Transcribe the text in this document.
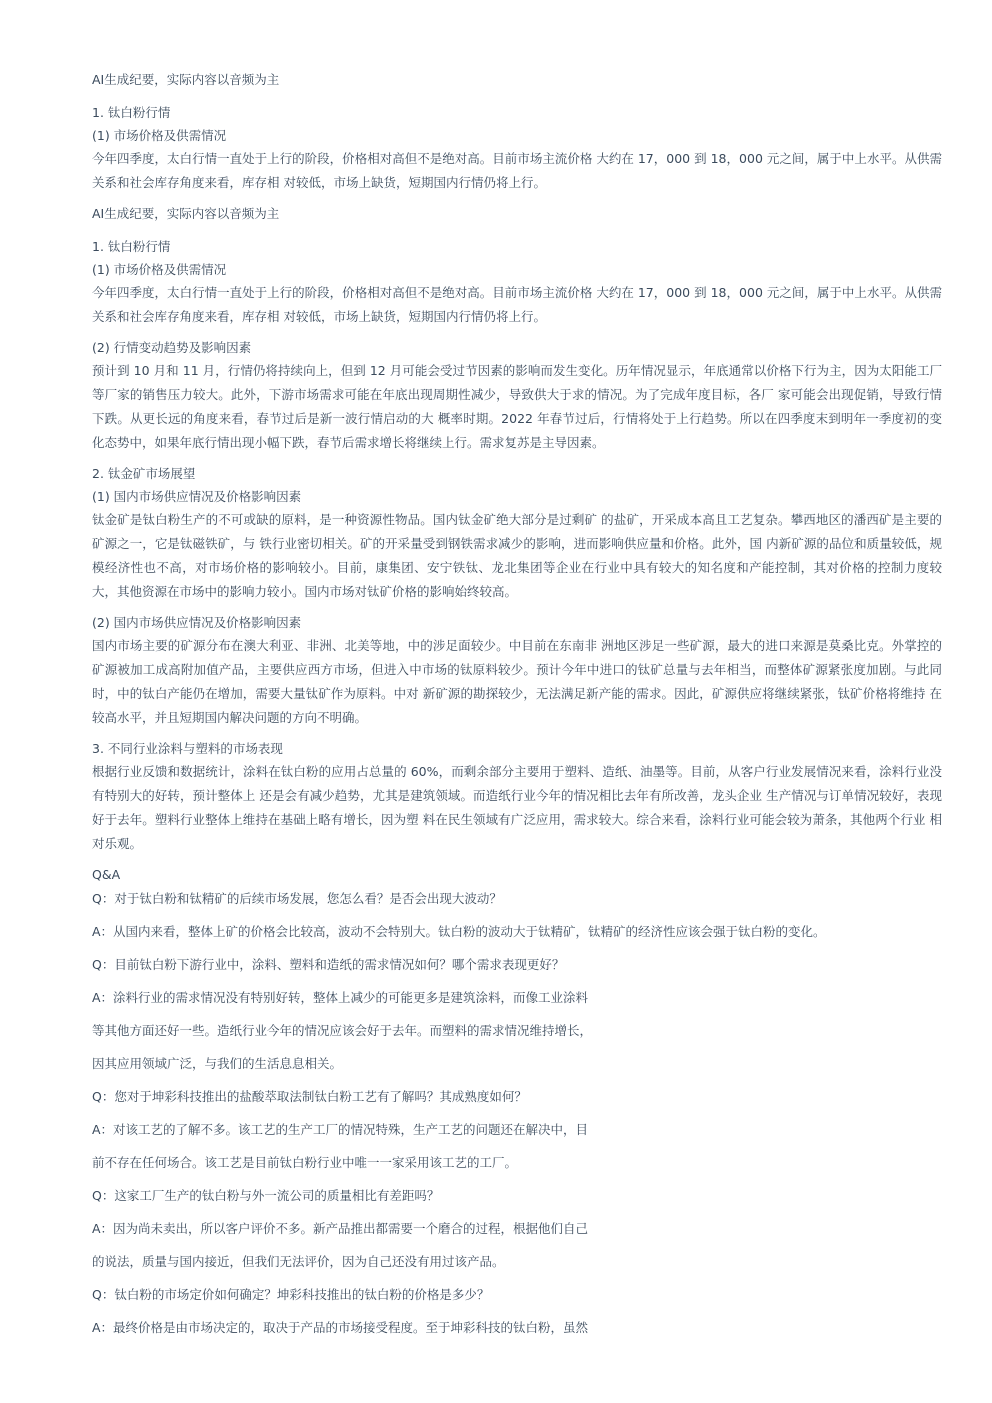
AI生成纪要，实际内容以音频为主

1. 钛白粉行情

(1) 市场价格及供需情况

今年四季度，太白行情一直处于上行的阶段，价格相对高但不是绝对高。目前市场主流价格 大约在 17，000 到 18，000 元之间，属于中上水平。从供需关系和社会库存角度来看，库存相 对较低，市场上缺货，短期国内行情仍将上行。

AI生成纪要，实际内容以音频为主

1. 钛白粉行情

(1) 市场价格及供需情况

今年四季度，太白行情一直处于上行的阶段，价格相对高但不是绝对高。目前市场主流价格 大约在 17，000 到 18，000 元之间，属于中上水平。从供需关系和社会库存角度来看，库存相 对较低，市场上缺货，短期国内行情仍将上行。

(2) 行情变动趋势及影响因素

预计到 10 月和 11 月，行情仍将持续向上，但到 12 月可能会受过节因素的影响而发生变化。历年情况显示，年底通常以价格下行为主，因为太阳能工厂等厂家的销售压力较大。此外，下游市场需求可能在年底出现周期性减少，导致供大于求的情况。为了完成年度目标，各厂 家可能会出现促销，导致行情下跌。从更长远的角度来看，春节过后是新一波行情启动的大 概率时期。2022 年春节过后，行情将处于上行趋势。所以在四季度末到明年一季度初的变 化态势中，如果年底行情出现小幅下跌，春节后需求增长将继续上行。需求复苏是主导因素。

2. 钛金矿市场展望

(1) 国内市场供应情况及价格影响因素

钛金矿是钛白粉生产的不可或缺的原料，是一种资源性物品。国内钛金矿绝大部分是过剩矿 的盐矿，开采成本高且工艺复杂。攀西地区的潘西矿是主要的矿源之一，它是钛磁铁矿，与 铁行业密切相关。矿的开采量受到钢铁需求减少的影响，进而影响供应量和价格。此外，国 内新矿源的品位和质量较低，规模经济性也不高，对市场价格的影响较小。目前，康集团、安宁铁钛、龙北集团等企业在行业中具有较大的知名度和产能控制，其对价格的控制力度较 大，其他资源在市场中的影响力较小。国内市场对钛矿价格的影响始终较高。

(2) 国内市场供应情况及价格影响因素

国内市场主要的矿源分布在澳大利亚、非洲、北美等地，中的涉足面较少。中目前在东南非 洲地区涉足一些矿源，最大的进口来源是莫桑比克。外掌控的矿源被加工成高附加值产品，主要供应西方市场，但进入中市场的钛原料较少。预计今年中进口的钛矿总量与去年相当，而整体矿源紧张度加剧。与此同时，中的钛白产能仍在增加，需要大量钛矿作为原料。中对 新矿源的勘探较少，无法满足新产能的需求。因此，矿源供应将继续紧张，钛矿价格将维持 在较高水平，并且短期国内解决问题的方向不明确。

3. 不同行业涂料与塑料的市场表现

根据行业反馈和数据统计，涂料在钛白粉的应用占总量的 60%，而剩余部分主要用于塑料、造纸、油墨等。目前，从客户行业发展情况来看，涂料行业没有特别大的好转，预计整体上 还是会有减少趋势，尤其是建筑领域。而造纸行业今年的情况相比去年有所改善，龙头企业 生产情况与订单情况较好，表现好于去年。塑料行业整体上维持在基础上略有增长，因为塑 料在民生领域有广泛应用，需求较大。综合来看，涂料行业可能会较为萧条，其他两个行业 相对乐观。

Q&A

Q：对于钛白粉和钛精矿的后续市场发展，您怎么看？是否会出现大波动？

A：从国内来看，整体上矿的价格会比较高，波动不会特别大。钛白粉的波动大于钛精矿，钛精矿的经济性应该会强于钛白粉的变化。

Q：目前钛白粉下游行业中，涂料、塑料和造纸的需求情况如何？哪个需求表现更好？

A：涂料行业的需求情况没有特别好转，整体上减少的可能更多是建筑涂料，而像工业涂料

等其他方面还好一些。造纸行业今年的情况应该会好于去年。而塑料的需求情况维持增长，

因其应用领域广泛，与我们的生活息息相关。

Q：您对于坤彩科技推出的盐酸萃取法制钛白粉工艺有了解吗？其成熟度如何？

A：对该工艺的了解不多。该工艺的生产工厂的情况特殊，生产工艺的问题还在解决中，目

前不存在任何场合。该工艺是目前钛白粉行业中唯一一家采用该工艺的工厂。

Q：这家工厂生产的钛白粉与外一流公司的质量相比有差距吗？

A：因为尚未卖出，所以客户评价不多。新产品推出都需要一个磨合的过程，根据他们自己

的说法，质量与国内接近，但我们无法评价，因为自己还没有用过该产品。

Q：钛白粉的市场定价如何确定？坤彩科技推出的钛白粉的价格是多少？

A：最终价格是由市场决定的，取决于产品的市场接受程度。至于坤彩科技的钛白粉，虽然
